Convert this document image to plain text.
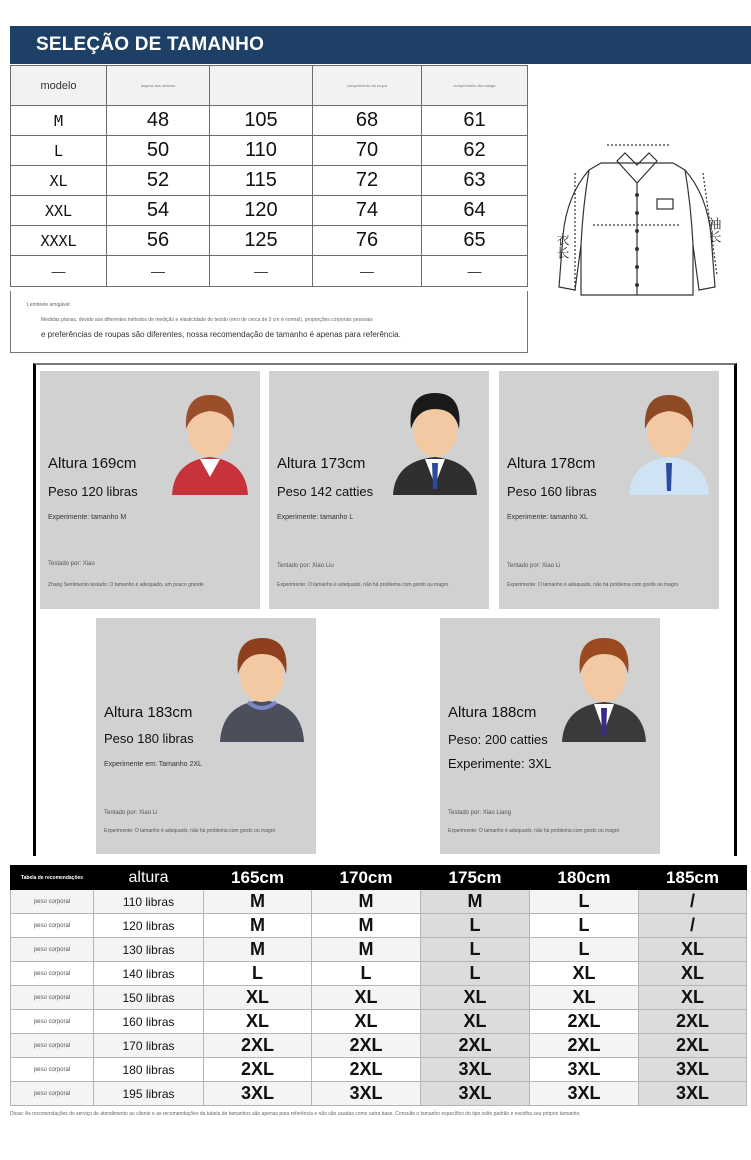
SELEÇÃO DE TAMANHO
modelo	largura dos ombros		comprimento da roupa	comprimento da manga
M	48	105	68	61
L	50	110	70	62
XL	52	115	72	63
XXL	54	120	74	64
XXXL	56	125	76	65
—	—	—	—	—
Lembrete amigável:
Medidas planas, devido aos diferentes métodos de medição e elasticidade do tecido (erro de cerca de 3 cm é normal), proporções corporais pessoais
e preferências de roupas são diferentes, nossa recomendação de tamanho é apenas para referência.
衣长
袖长
Altura 169cm
Peso 120 libras
Experimente: tamanho M
Testado por: Xiao
Zhang Sentimento testado: O tamanho é adequado, um pouco grande
Altura 173cm
Peso 142 catties
Experimente: tamanho L
Tentado por: Xiao Liu
Experimente: O tamanho é adequado, não há problema com gordo ou magro
Altura 178cm
Peso 160 libras
Experimente: tamanho XL
Tentado por: Xiao Li
Experimente: O tamanho é adequado, não há problema com gordo ou magro
Altura 183cm
Peso 180 libras
Experimente em: Tamanho 2XL
Tentado por: Xiao Li
Experimente: O tamanho é adequado, não há problema com gordo ou magro
Altura 188cm
Peso: 200 catties
Experimente: 3XL
Testado por: Xiao Liang
Experimente: O tamanho é adequado, não há problema com gordo ou magro
Tabela de recomendações	altura	165cm	170cm	175cm	180cm	185cm
peso corporal	110 libras	M	M	M	L	/
peso corporal	120 libras	M	M	L	L	/
peso corporal	130 libras	M	M	L	L	XL
peso corporal	140 libras	L	L	L	XL	XL
peso corporal	150 libras	XL	XL	XL	XL	XL
peso corporal	160 libras	XL	XL	XL	2XL	2XL
peso corporal	170 libras	2XL	2XL	2XL	2XL	2XL
peso corporal	180 libras	2XL	2XL	3XL	3XL	3XL
peso corporal	195 libras	3XL	3XL	3XL	3XL	3XL
Dicas: As recomendações do serviço de atendimento ao cliente e as recomendações da tabela de tamanhos são apenas para referência e não são usadas como outra base. Consulte o tamanho específico do tipo solto padrão e escolha seu próprio tamanho.
